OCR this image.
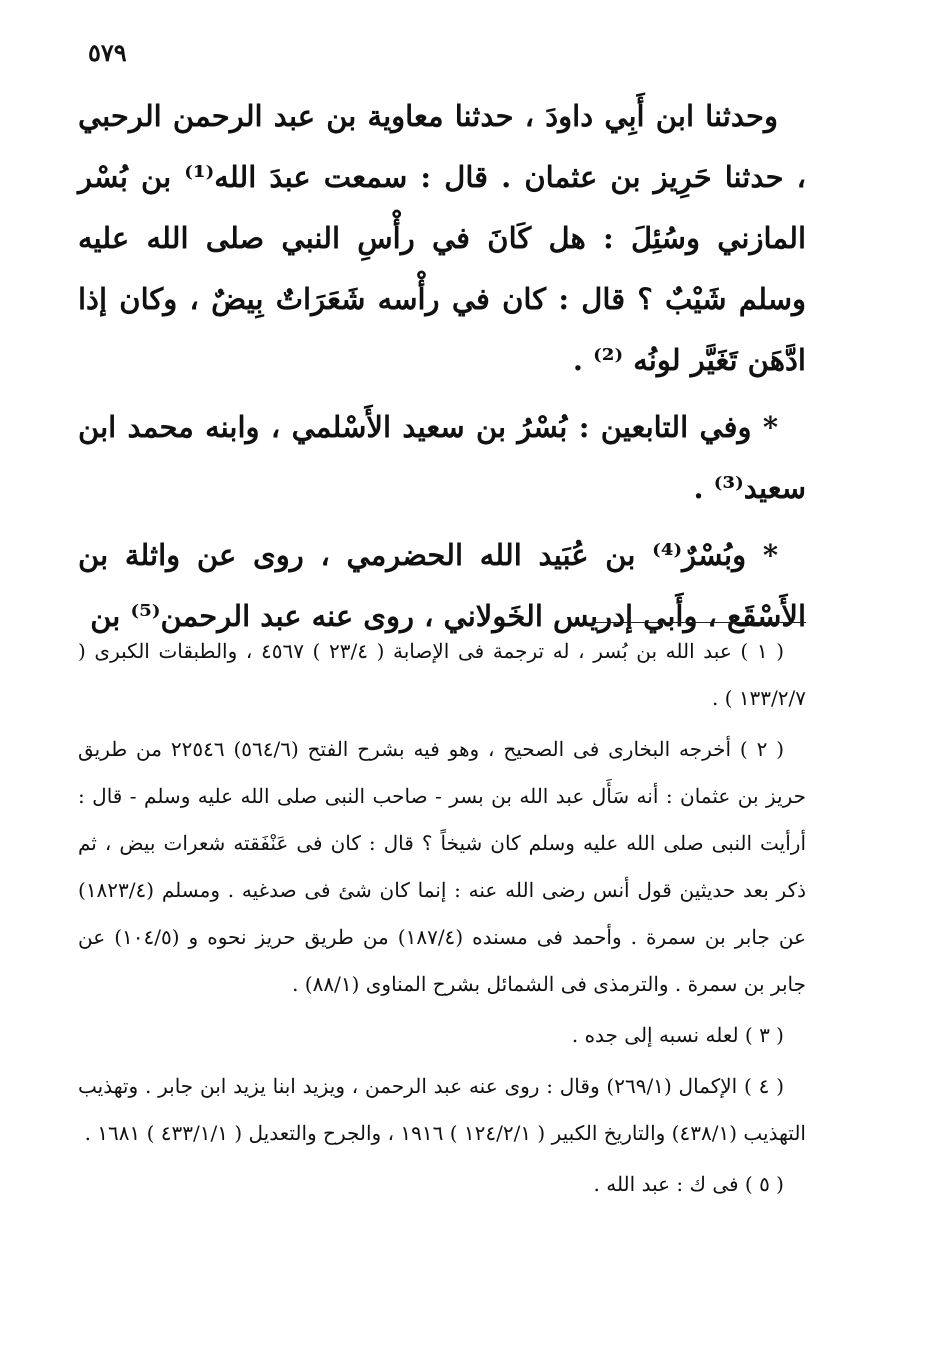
٥٧٩

وحدثنا ابن أَبِي داودَ ، حدثنا معاوية بن عبد الرحمن الرحبي ، حدثنا حَرِيز بن عثمان . قال : سمعت عبدَ الله⁽¹⁾ بن بُسْر المازني وسُئِلَ : هل كَانَ في رأْسِ النبي صلى الله عليه وسلم شَيْبٌ ؟ قال : كان في رأْسه شَعَرَاتٌ بِيضٌ ، وكان إذا ادَّهَن تَغَيَّر لونُه ⁽²⁾ .

* وفي التابعين : بُسْرُ بن سعيد الأَسْلمي ، وابنه محمد ابن سعيد⁽³⁾ .

* وبُسْرٌ⁽⁴⁾ بن عُبَيد الله الحضرمي ، روى عن واثلة بن الأَسْقَع ، وأَبي إدريس الخَولاني ، روى عنه عبد الرحمن⁽⁵⁾ بن

( ١ ) عبد الله بن بُسر ، له ترجمة فى الإصابة ( ٢٣/٤ ) ٤٥٦٧ ، والطبقات الكبرى ( ١٣٣/٢/٧ ) .

( ٢ ) أخرجه البخارى فى الصحيح ، وهو فيه بشرح الفتح (٥٦٤/٦) ٢٢٥٤٦ من طريق حريز بن عثمان : أنه سَأَل عبد الله بن بسر - صاحب النبى صلى الله عليه وسلم - قال : أرأيت النبى صلى الله عليه وسلم كان شيخاً ؟ قال : كان فى عَنْفَقته شعرات بيض ، ثم ذكر بعد حديثين قول أنس رضى الله عنه : إنما كان شئ فى صدغيه . ومسلم (١٨٢٣/٤) عن جابر بن سمرة . وأحمد فى مسنده (١٨٧/٤) من طريق حريز نحوه و (١٠٤/٥) عن جابر بن سمرة . والترمذى فى الشمائل بشرح المناوى (٨٨/١) .

( ٣ ) لعله نسبه إلى جده .

( ٤ ) الإكمال (٢٦٩/١) وقال : روى عنه عبد الرحمن ، ويزيد ابنا يزيد ابن جابر . وتهذيب التهذيب (٤٣٨/١) والتاريخ الكبير ( ١٢٤/٢/١ ) ١٩١٦ ، والجرح والتعديل ( ٤٣٣/١/١ ) ١٦٨١ .

( ٥ ) فى ك : عبد الله .
